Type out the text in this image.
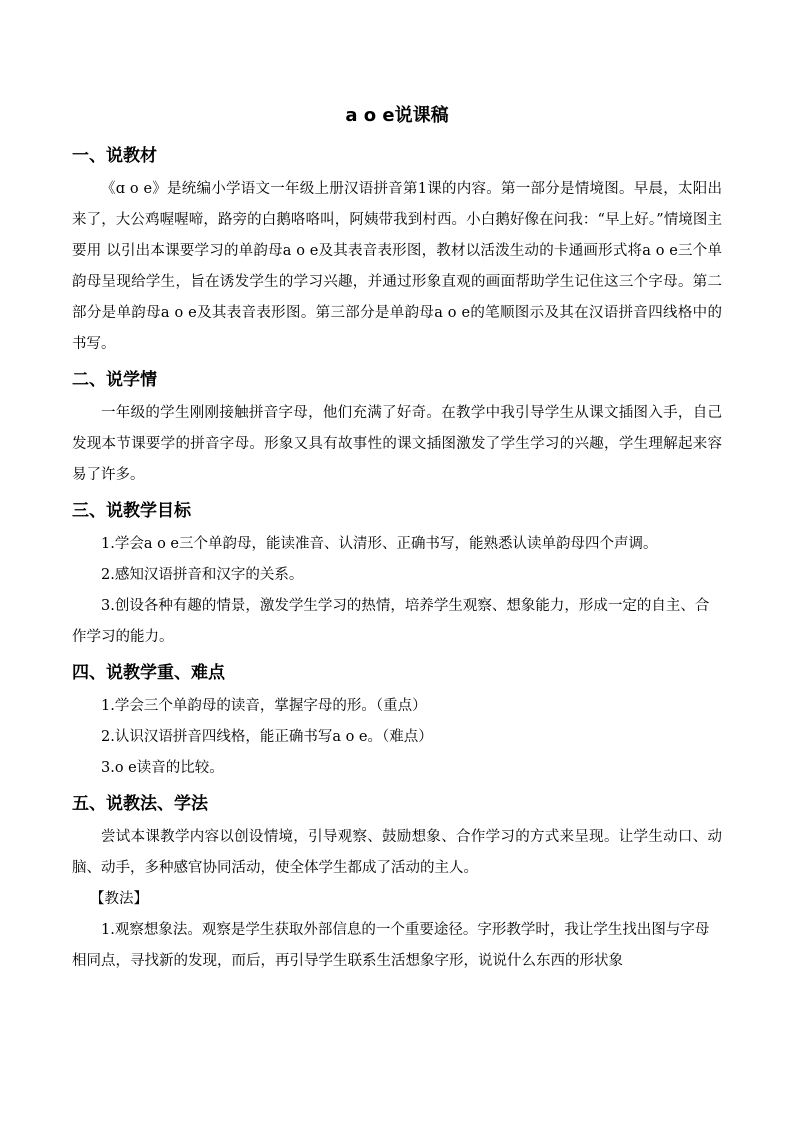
a o e说课稿
一、说教材

《ɑ o e》是统编小学语文一年级上册汉语拼音第1课的内容。第一部分是情境图。早晨，太阳出来了，大公鸡喔喔啼，路旁的白鹅咯咯叫，阿姨带我到村西。小白鹅好像在问我：“早上好。”情境图主要用 以引出本课要学习的单韵母a o e及其表音表形图，教材以活泼生动的卡通画形式将a o e三个单韵母呈现给学生，旨在诱发学生的学习兴趣，并通过形象直观的画面帮助学生记住这三个字母。第二部分是单韵母a o e及其表音表形图。第三部分是单韵母a o e的笔顺图示及其在汉语拼音四线格中的书写。

二、说学情

一年级的学生刚刚接触拼音字母，他们充满了好奇。在教学中我引导学生从课文插图入手，自己发现本节课要学的拼音字母。形象又具有故事性的课文插图激发了学生学习的兴趣，学生理解起来容易了许多。

三、说教学目标

1.学会a o e三个单韵母，能读准音、认清形、正确书写，能熟悉认读单韵母四个声调。

2.感知汉语拼音和汉字的关系。

3.创设各种有趣的情景，激发学生学习的热情，培养学生观察、想象能力，形成一定的自主、合作学习的能力。

四、说教学重、难点

1.学会三个单韵母的读音，掌握字母的形。（重点）

2.认识汉语拼音四线格，能正确书写a o e。（难点）

3.o e读音的比较。

五、说教法、学法

尝试本课教学内容以创设情境，引导观察、鼓励想象、合作学习的方式来呈现。让学生动口、动脑、动手，多种感官协同活动，使全体学生都成了活动的主人。

【教法】

1.观察想象法。观察是学生获取外部信息的一个重要途径。字形教学时，我让学生找出图与字母相同点，寻找新的发现，而后，再引导学生联系生活想象字形，说说什么东西的形状象
